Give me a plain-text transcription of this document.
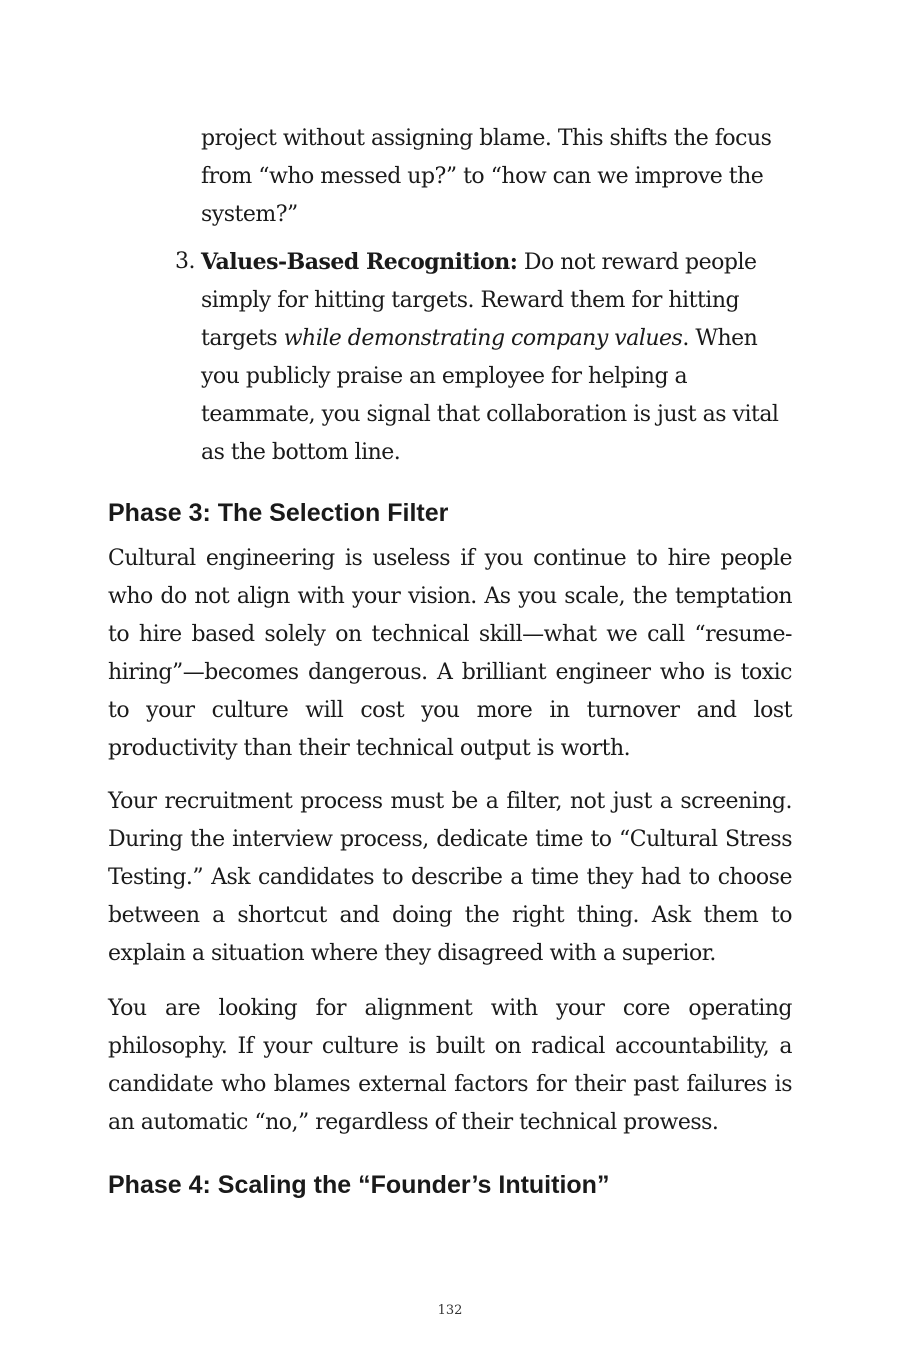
project without assigning blame. This shifts the focus from “who messed up?” to “how can we improve the system?”
3. Values-Based Recognition: Do not reward people simply for hitting targets. Reward them for hitting targets while demonstrating company values. When you publicly praise an employee for helping a teammate, you signal that collaboration is just as vital as the bottom line.
Phase 3: The Selection Filter

Cultural engineering is useless if you continue to hire people who do not align with your vision. As you scale, the temptation to hire based solely on technical skill—what we call “resume-hiring”—becomes dangerous. A brilliant engineer who is toxic to your culture will cost you more in turnover and lost productivity than their technical output is worth.

Your recruitment process must be a filter, not just a screening. During the interview process, dedicate time to “Cultural Stress Testing.” Ask candidates to describe a time they had to choose between a shortcut and doing the right thing. Ask them to explain a situation where they disagreed with a superior.

You are looking for alignment with your core operating philosophy. If your culture is built on radical accountability, a candidate who blames external factors for their past failures is an automatic “no,” regardless of their technical prowess.

Phase 4: Scaling the “Founder’s Intuition”
132
